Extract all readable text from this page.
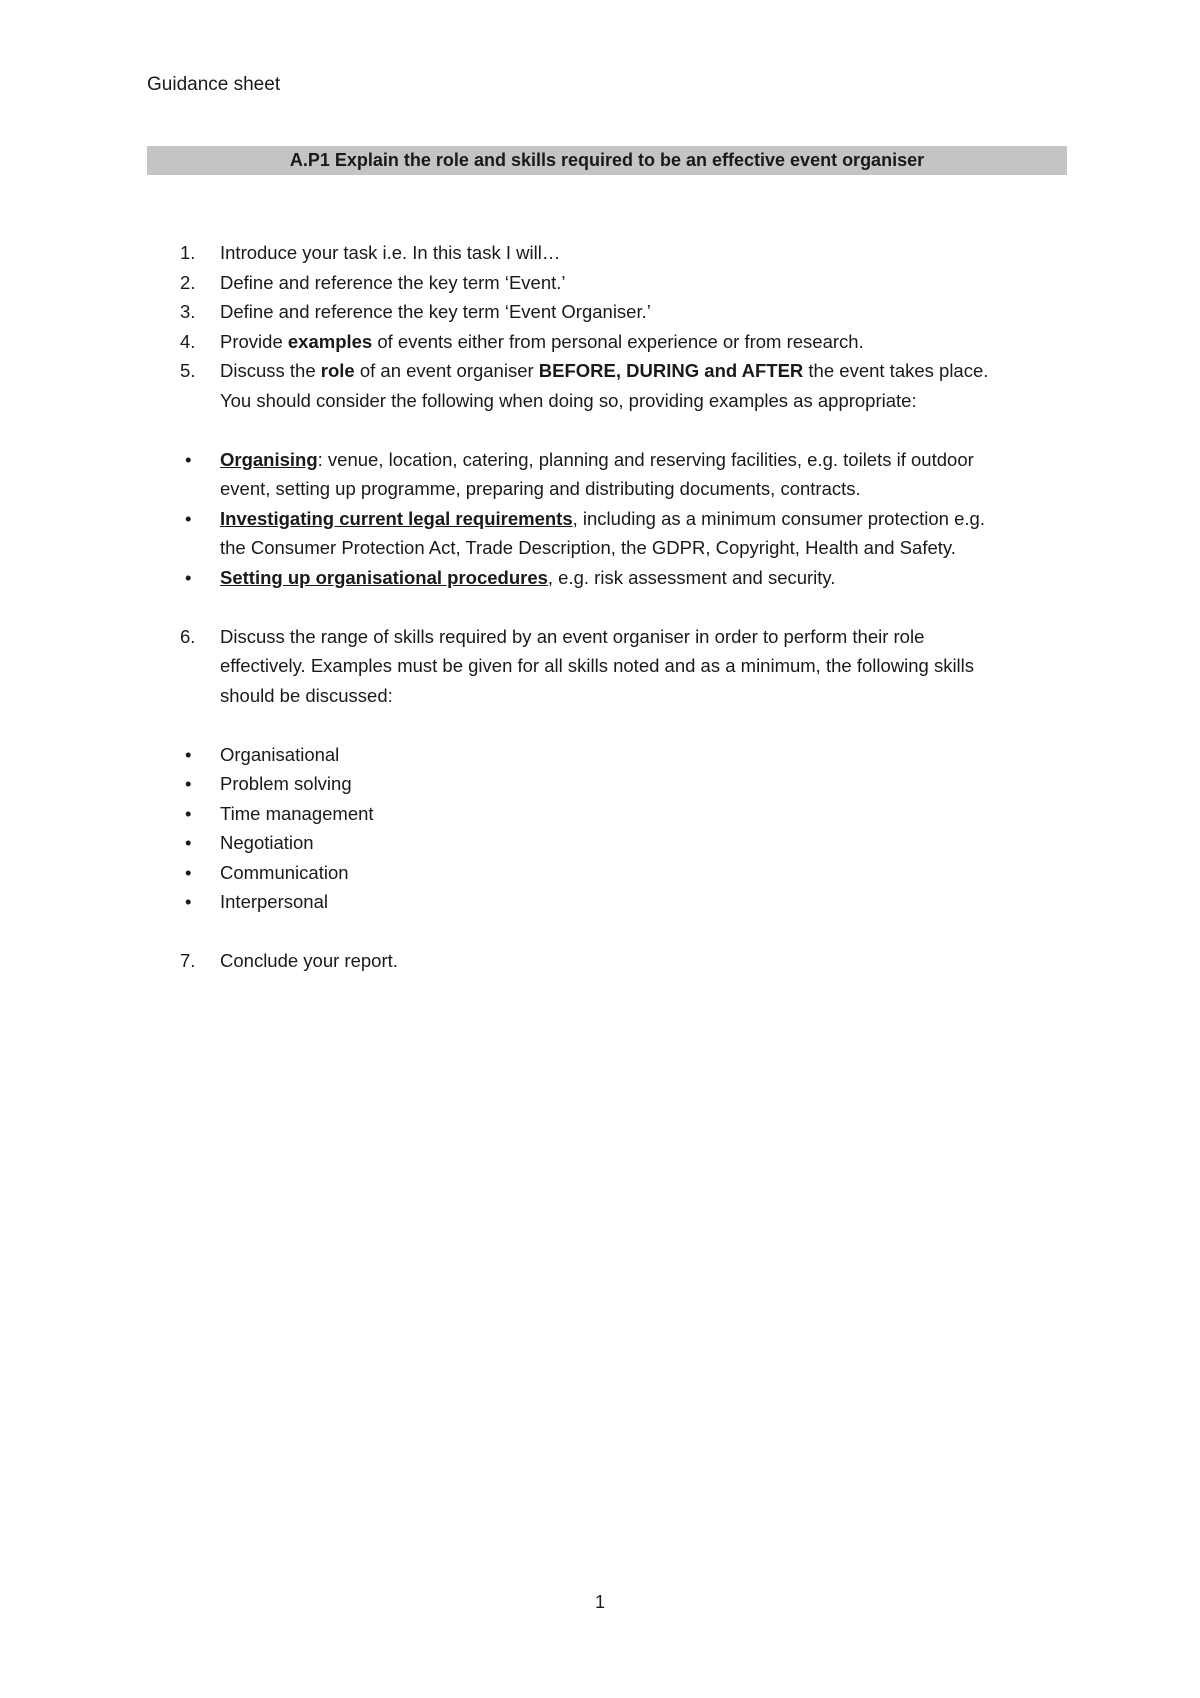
Guidance sheet
A.P1 Explain the role and skills required to be an effective event organiser
1.	Introduce your task i.e. In this task I will…
2.	Define and reference the key term ‘Event.’
3.	Define and reference the key term ‘Event Organiser.’
4.	Provide examples of events either from personal experience or from research.
5.	Discuss the role of an event organiser BEFORE, DURING and AFTER the event takes place.
You should consider the following when doing so, providing examples as appropriate:
•	Organising: venue, location, catering, planning and reserving facilities, e.g. toilets if outdoor
event, setting up programme, preparing and distributing documents, contracts.
•	Investigating current legal requirements, including as a minimum consumer protection e.g.
the Consumer Protection Act, Trade Description, the GDPR, Copyright, Health and Safety.
•	Setting up organisational procedures, e.g. risk assessment and security.
6.	Discuss the range of skills required by an event organiser in order to perform their role
effectively. Examples must be given for all skills noted and as a minimum, the following skills
should be discussed:
•	Organisational
•	Problem solving
•	Time management
•	Negotiation
•	Communication
•	Interpersonal
7.	Conclude your report.
1
